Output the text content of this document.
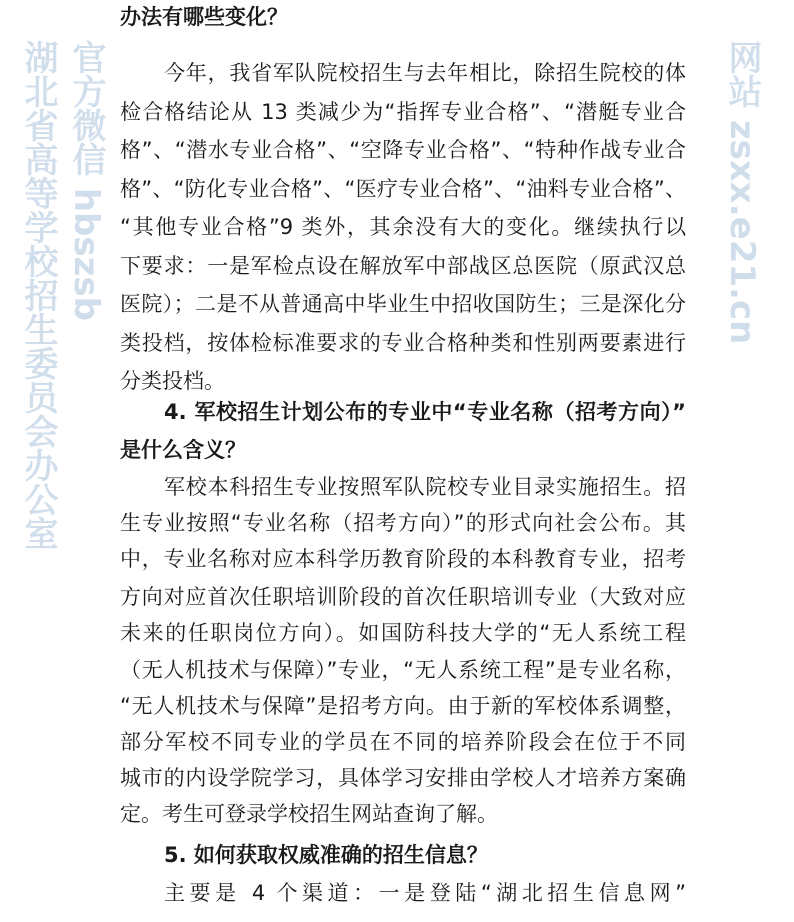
办法有哪些变化？
今年，我省军队院校招生与去年相比，除招生院校的体
检合格结论从 13 类减少为“指挥专业合格”、“潜艇专业合
格”、“潜水专业合格”、“空降专业合格”、“特种作战专业合
格”、“防化专业合格”、“医疗专业合格”、“油料专业合格”、
“其他专业合格”9 类外，其余没有大的变化。继续执行以
下要求：一是军检点设在解放军中部战区总医院（原武汉总
医院）；二是不从普通高中毕业生中招收国防生；三是深化分
类投档，按体检标准要求的专业合格种类和性别两要素进行
分类投档。
4. 军校招生计划公布的专业中“专业名称（招考方向）”
是什么含义？
军校本科招生专业按照军队院校专业目录实施招生。招
生专业按照“专业名称（招考方向）”的形式向社会公布。其
中，专业名称对应本科学历教育阶段的本科教育专业，招考
方向对应首次任职培训阶段的首次任职培训专业（大致对应
未来的任职岗位方向）。如国防科技大学的“无人系统工程
（无人机技术与保障）”专业，“无人系统工程”是专业名称，
“无人机技术与保障”是招考方向。由于新的军校体系调整，
部分军校不同专业的学员在不同的培养阶段会在位于不同
城市的内设学院学习，具体学习安排由学校人才培养方案确
定。考生可登录学校招生网站查询了解。
5. 如何获取权威准确的招生信息？
主要是 4 个渠道：一是登陆“湖北招生信息网”
湖北省高等学校招生委员会办公室 官方微信 hbszsb	网站 zsxx.e21.cn
